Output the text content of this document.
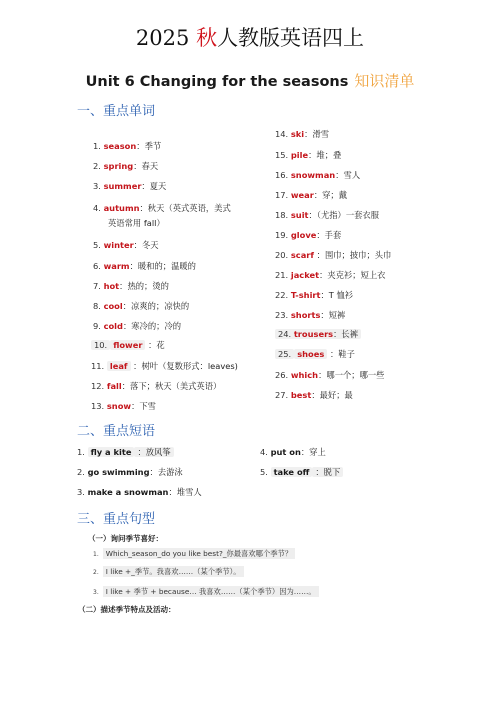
2025 秋人教版英语四上
Unit 6 Changing for the seasons 知识清单
一、重点单词
1. season：季节
2. spring：春天
3. summer：夏天
4. autumn：秋天（英式英语，美式
英语常用 fall）
5. winter：冬天
6. warm：暖和的；温暖的
7. hot：热的；烫的
8. cool：凉爽的；凉快的
9. cold：寒冷的；冷的
10. flower ：花
11. leaf ：树叶（复数形式：leaves)
12. fall：落下；秋天（美式英语）
13. snow：下雪
14. ski：滑雪
15. pile：堆；叠
16. snowman：雪人
17. wear：穿；戴
18. suit：（尤指）一套衣服
19. glove：手套
20. scarf ：围巾；披巾；头巾
21. jacket：夹克衫；短上衣
22. T-shirt：T 恤衫
23. shorts：短裤
24. trousers：长裤
25. shoes ：鞋子
26. which：哪一个；哪一些
27. best：最好；最
二、重点短语
1. fly a kite ：放风筝
2. go swimming：去游泳
3. make a snowman：堆雪人
4. put on：穿上
5. take off ：脱下
三、重点句型
（一）询问季节喜好：
1. Which_season_do you like best?_你最喜欢哪个季节？
2. I like +_季节。我喜欢……（某个季节）。
3. I like + 季节 + because… 我喜欢……（某个季节）因为……。
（二）描述季节特点及活动：
